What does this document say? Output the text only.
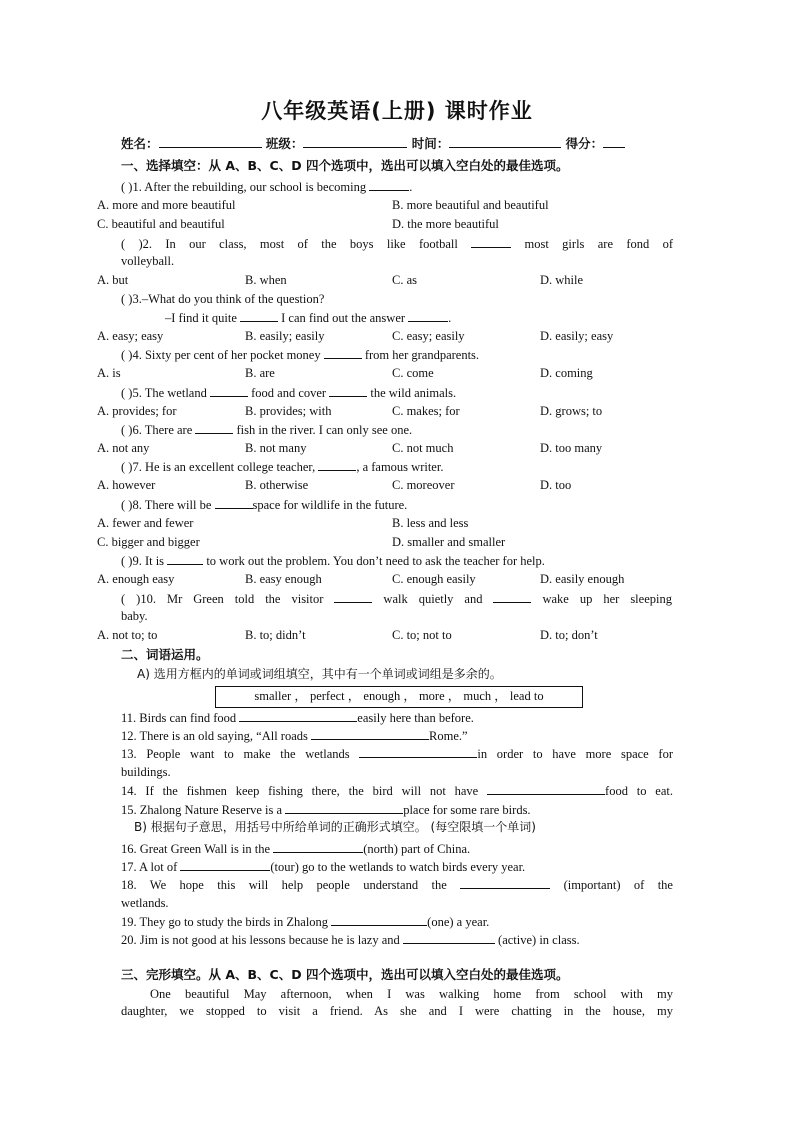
八年级英语(上册) 课时作业
姓名：	班级：	时间：	得分：
一、选择填空：从 A、B、C、D 四个选项中，选出可以填入空白处的最佳选项。
( )1. After the rebuilding, our school is becoming	.
A. more and more beautiful	B. more beautiful and beautiful
C. beautiful and beautiful	D. the more beautiful
( )2. In our class, most of the boys like football	most girls are fond of
volleyball.
A. but	B. when	C. as	D. while
( )3.–What do you think of the question?
–I find it quite	I can find out the answer	.
A. easy; easy	B. easily; easily	C. easy; easily	D. easily; easy
( )4. Sixty per cent of her pocket money	from her grandparents.
A. is	B. are	C. come	D. coming
( )5. The wetland	food and cover	the wild animals.
A. provides; for	B. provides; with	C. makes; for	D. grows; to
( )6. There are	fish in the river. I can only see one.
A. not any	B. not many	C. not much	D. too many
( )7. He is an excellent college teacher,	, a famous writer.
A. however	B. otherwise	C. moreover	D. too
( )8. There will be	space for wildlife in the future.
A. fewer and fewer	B. less and less
C. bigger and bigger	D. smaller and smaller
( )9. It is	to work out the problem. You don’t need to ask the teacher for help.
A. enough easy	B. easy enough	C. enough easily	D. easily enough
( )10. Mr Green told the visitor	walk quietly and	wake up her sleeping
baby.
A. not to; to	B. to; didn’t	C. to; not to	D. to; don’t
二、词语运用。
A) 选用方框内的单词或词组填空，其中有一个单词或词组是多余的。
smaller ， perfect ， enough ， more ， much ， lead to
11. Birds can find food	easily here than before.
12. There is an old saying, “All roads	Rome.”
13. People want to make the wetlands	in order to have more space for
buildings.
14. If the fishmen keep fishing there, the bird will not have	food to eat.
15. Zhalong Nature Reserve is a	place for some rare birds.
B) 根据句子意思，用括号中所给单词的正确形式填空。 (每空限填一个单词)
16. Great Green Wall is in the	(north) part of China.
17. A lot of	(tour) go to the wetlands to watch birds every year.
18. We hope this will help people understand the	(important) of the
wetlands.
19. They go to study the birds in Zhalong	(one) a year.
20. Jim is not good at his lessons because he is lazy and	(active) in class.
三、完形填空。从 A、B、C、D 四个选项中，选出可以填入空白处的最佳选项。
One beautiful May afternoon, when I was walking home from school with my
daughter, we stopped to visit a friend. As she and I were chatting in the house, my
